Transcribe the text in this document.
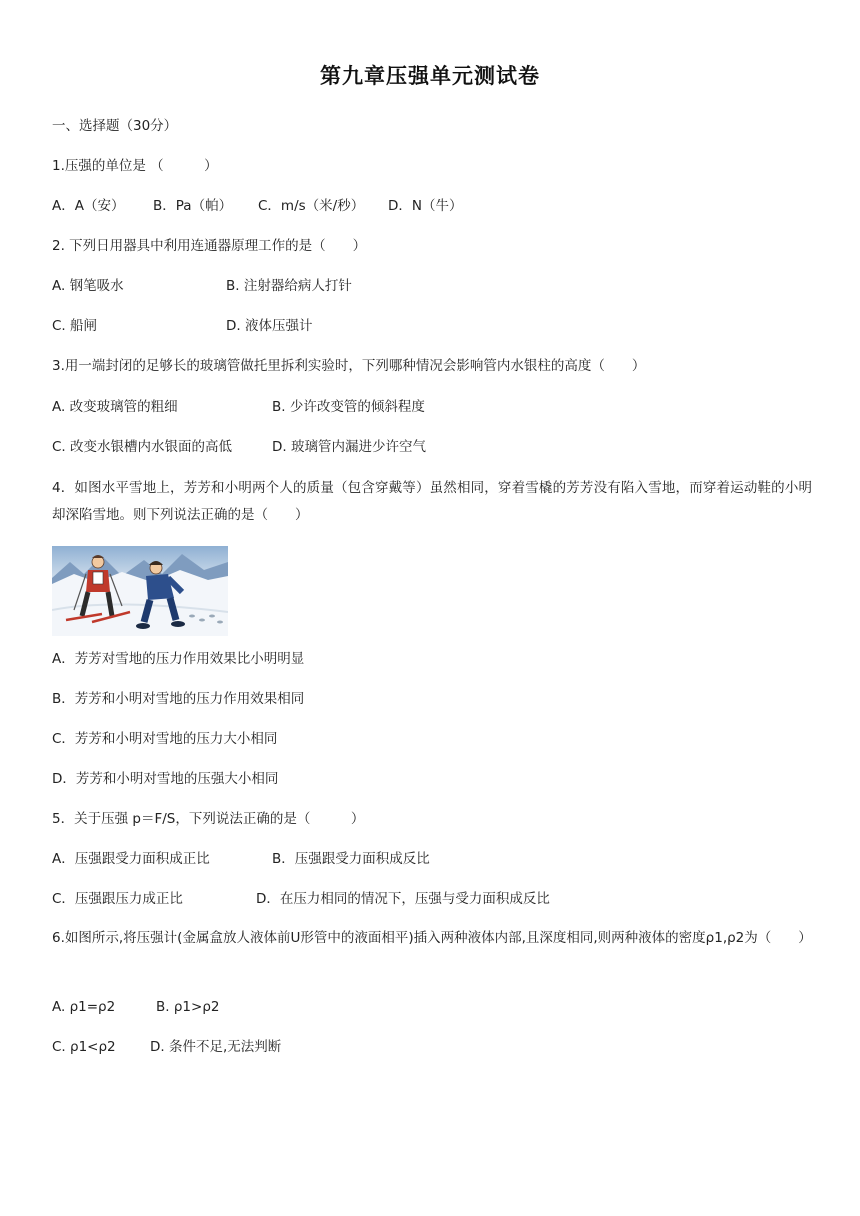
第九章压强单元测试卷
一、选择题（30分）
1.压强的单位是 （　　　）
A．A（安） B．Pa（帕） C．m/s（米/秒） D．N（牛）
2. 下列日用器具中利用连通器原理工作的是（　　）
A. 钢笔吸水	B. 注射器给病人打针
C. 船闸	D. 液体压强计
3.用一端封闭的足够长的玻璃管做托里拆利实验时，下列哪种情况会影响管内水银柱的高度（　　）
A. 改变玻璃管的粗细	B. 少许改变管的倾斜程度
C. 改变水银槽内水银面的高低	D. 玻璃管内漏进少许空气
4．如图水平雪地上，芳芳和小明两个人的质量（包含穿戴等）虽然相同，穿着雪橇的芳芳没有陷入雪地，而穿着运动鞋的小明却深陷雪地。则下列说法正确的是（　　）
A．芳芳对雪地的压力作用效果比小明明显
B．芳芳和小明对雪地的压力作用效果相同
C．芳芳和小明对雪地的压力大小相同
D．芳芳和小明对雪地的压强大小相同
5．关于压强 p＝F/S，下列说法正确的是（　　　）
A．压强跟受力面积成正比	B．压强跟受力面积成反比
C．压强跟压力成正比	D．在压力相同的情况下，压强与受力面积成反比
6.如图所示,将压强计(金属盒放人液体前U形管中的液面相平)插入两种液体内部,且深度相同,则两种液体的密度ρ1,ρ2为（　　）
A. ρ1=ρ2	B. ρ1>ρ2
C. ρ1<ρ2	D. 条件不足,无法判断
